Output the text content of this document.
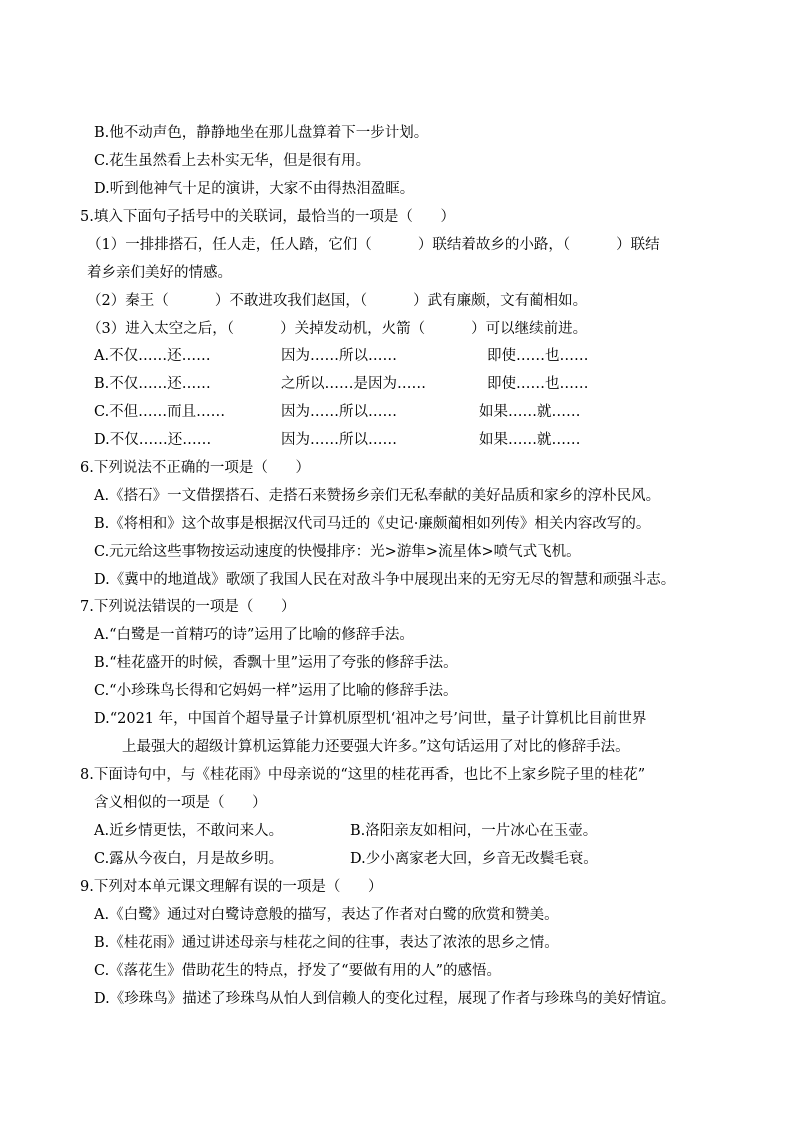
B.他不动声色，静静地坐在那儿盘算着下一步计划。
C.花生虽然看上去朴实无华，但是很有用。
D.听到他神气十足的演讲，大家不由得热泪盈眶。
5.填入下面句子括号中的关联词，最恰当的一项是（      ）
（1）一排排搭石，任人走，任人踏，它们（          ）联结着故乡的小路，（          ）联结
着乡亲们美好的情感。
（2）秦王（          ）不敢进攻我们赵国，（          ）武有廉颇，文有蔺相如。
（3）进入太空之后，（          ）关掉发动机，火箭（          ）可以继续前进。
A.不仅……还……	因为……所以……	即使……也……
B.不仅……还……	之所以……是因为……	即使……也……
C.不但……而且……	因为……所以……	如果……就……
D.不仅……还……	因为……所以……	如果……就……
6.下列说法不正确的一项是（      ）
A.《搭石》一文借摆搭石、走搭石来赞扬乡亲们无私奉献的美好品质和家乡的淳朴民风。
B.《将相和》这个故事是根据汉代司马迁的《史记·廉颇蔺相如列传》相关内容改写的。
C.元元给这些事物按运动速度的快慢排序：光>游隼>流星体>喷气式飞机。
D.《冀中的地道战》歌颂了我国人民在对敌斗争中展现出来的无穷无尽的智慧和顽强斗志。
7.下列说法错误的一项是（      ）
A.“白鹭是一首精巧的诗”运用了比喻的修辞手法。
B.“桂花盛开的时候，香飘十里”运用了夸张的修辞手法。
C.“小珍珠鸟长得和它妈妈一样”运用了比喻的修辞手法。
D.“2021 年，中国首个超导量子计算机原型机‘祖冲之号’问世，量子计算机比目前世界
上最强大的超级计算机运算能力还要强大许多。”这句话运用了对比的修辞手法。
8.下面诗句中，与《桂花雨》中母亲说的“这里的桂花再香，也比不上家乡院子里的桂花”
含义相似的一项是（      ）
A.近乡情更怯，不敢问来人。	B.洛阳亲友如相问，一片冰心在玉壶。
C.露从今夜白，月是故乡明。	D.少小离家老大回，乡音无改鬓毛衰。
9.下列对本单元课文理解有误的一项是（      ）
A.《白鹭》通过对白鹭诗意般的描写，表达了作者对白鹭的欣赏和赞美。
B.《桂花雨》通过讲述母亲与桂花之间的往事，表达了浓浓的思乡之情。
C.《落花生》借助花生的特点，抒发了“要做有用的人”的感悟。
D.《珍珠鸟》描述了珍珠鸟从怕人到信赖人的变化过程，展现了作者与珍珠鸟的美好情谊。
